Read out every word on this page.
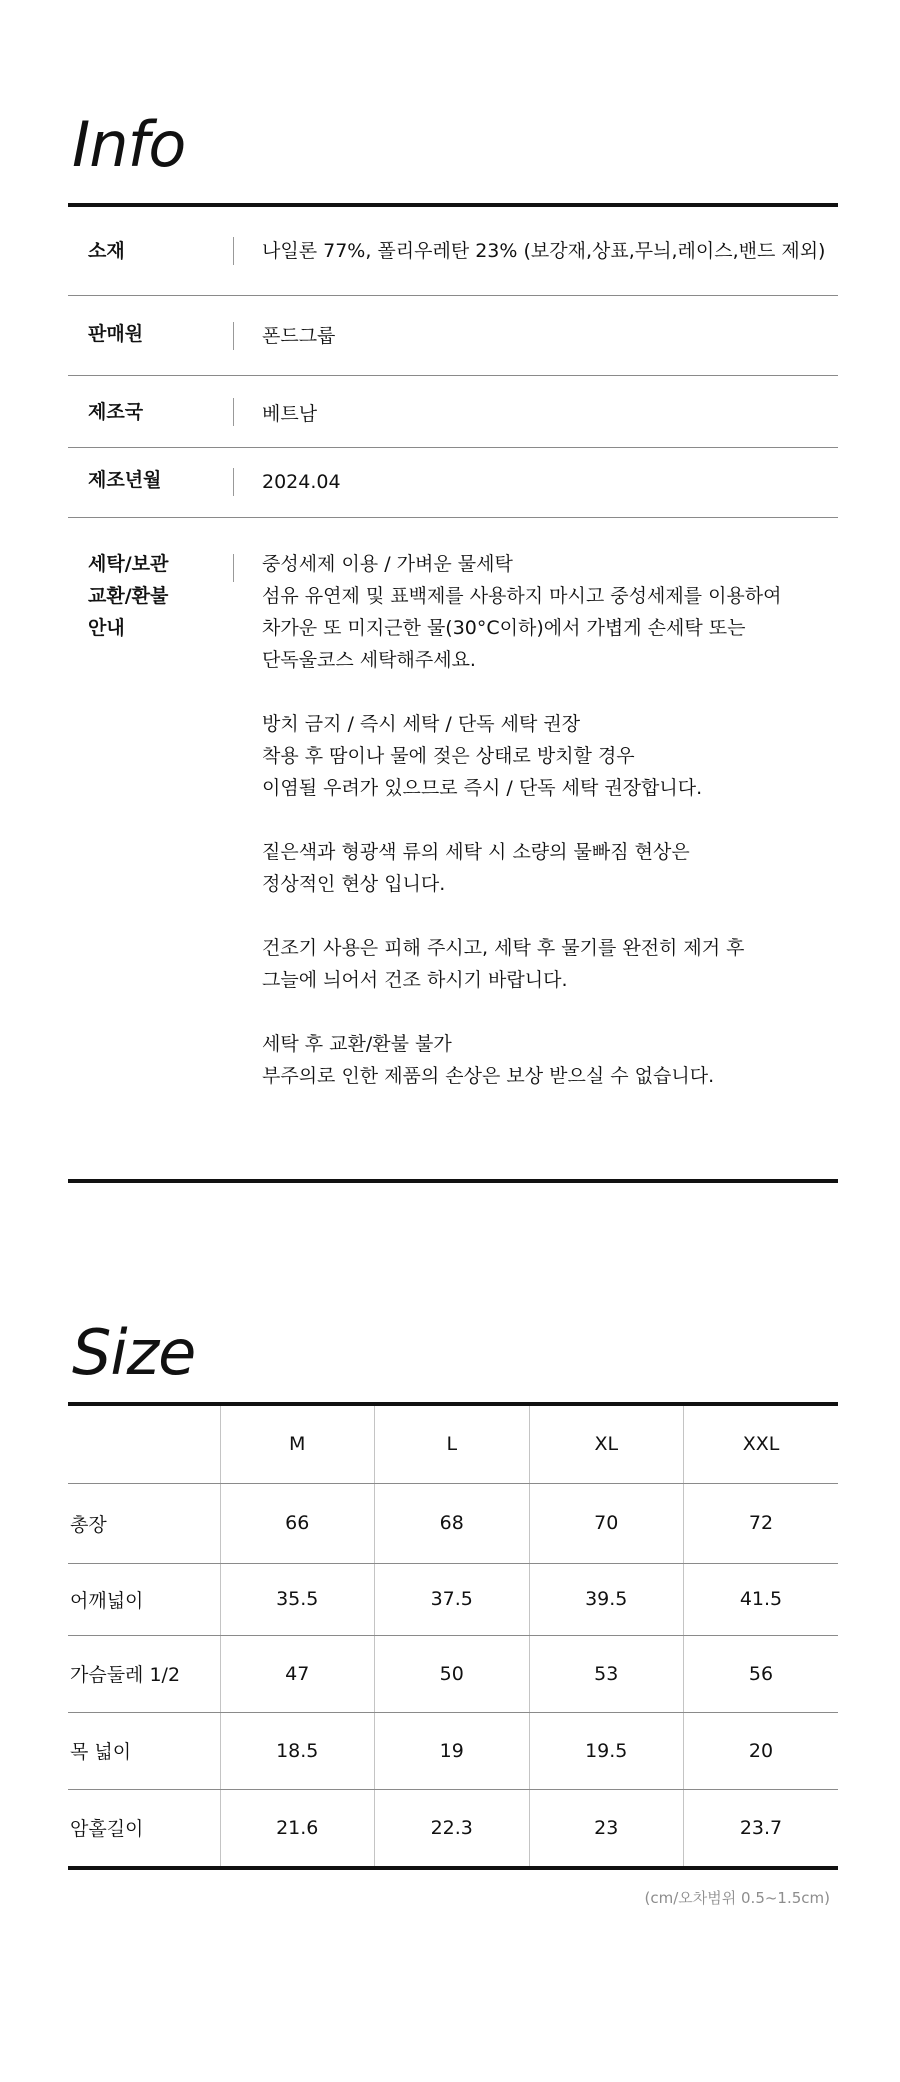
Info
소재	나일론 77%, 폴리우레탄 23% (보강재,상표,무늬,레이스,밴드 제외)
판매원	폰드그룹
제조국	베트남
제조년월	2024.04
세탁/보관
교환/환불
안내
중성세제 이용 / 가벼운 물세탁
섬유 유연제 및 표백제를 사용하지 마시고 중성세제를 이용하여
차가운 또 미지근한 물(30°C이하)에서 가볍게 손세탁 또는
단독울코스 세탁해주세요.

방치 금지 / 즉시 세탁 / 단독 세탁 권장
착용 후 땀이나 물에 젖은 상태로 방치할 경우
이염될 우려가 있으므로 즉시 / 단독 세탁 권장합니다.

짙은색과 형광색 류의 세탁 시 소량의 물빠짐 현상은
정상적인 현상 입니다.

건조기 사용은 피해 주시고, 세탁 후 물기를 완전히 제거 후
그늘에 늬어서 건조 하시기 바랍니다.

세탁 후 교환/환불 불가
부주의로 인한 제품의 손상은 보상 받으실 수 없습니다.
Size
	M	L	XL	XXL
총장	66	68	70	72
어깨넓이	35.5	37.5	39.5	41.5
가슴둘레 1/2	47	50	53	56
목 넓이	18.5	19	19.5	20
암홀길이	21.6	22.3	23	23.7
(cm/오차범위 0.5~1.5cm)
